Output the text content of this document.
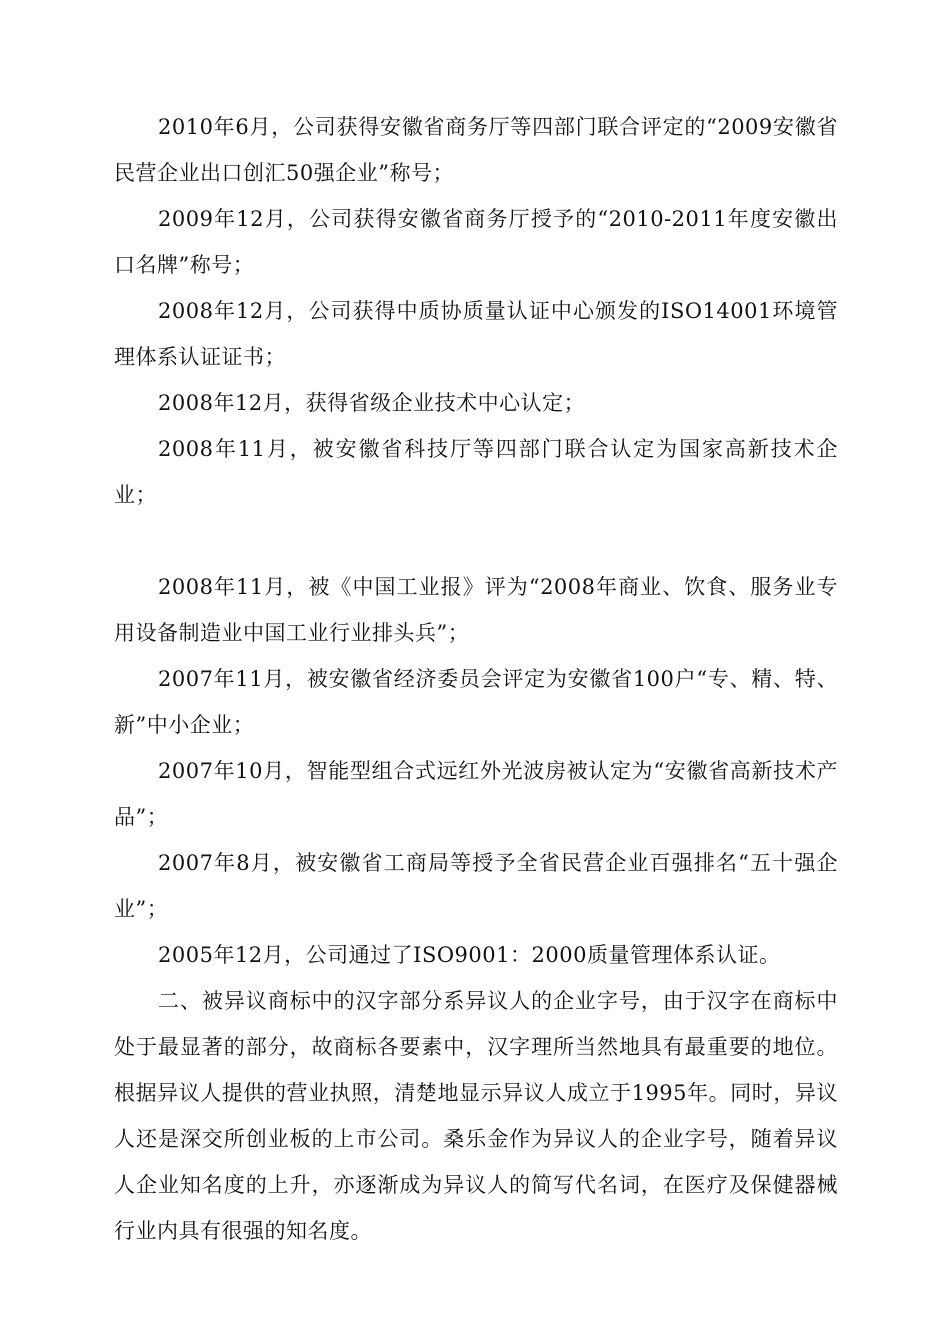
2010年6月，公司获得安徽省商务厅等四部门联合评定的“2009安徽省民营企业出口创汇50强企业”称号；

2009年12月，公司获得安徽省商务厅授予的“2010-2011年度安徽出口名牌”称号；

2008年12月，公司获得中质协质量认证中心颁发的ISO14001环境管理体系认证证书；

2008年12月，获得省级企业技术中心认定；

2008年11月，被安徽省科技厅等四部门联合认定为国家高新技术企业；

2008年11月，被《中国工业报》评为“2008年商业、饮食、服务业专用设备制造业中国工业行业排头兵”；

2007年11月，被安徽省经济委员会评定为安徽省100户“专、精、特、新”中小企业；

2007年10月，智能型组合式远红外光波房被认定为“安徽省高新技术产品”；

2007年8月，被安徽省工商局等授予全省民营企业百强排名“五十强企业”；

2005年12月，公司通过了ISO9001：2000质量管理体系认证。

二、被异议商标中的汉字部分系异议人的企业字号，由于汉字在商标中处于最显著的部分，故商标各要素中，汉字理所当然地具有最重要的地位。根据异议人提供的营业执照，清楚地显示异议人成立于1995年。同时，异议人还是深交所创业板的上市公司。桑乐金作为异议人的企业字号，随着异议人企业知名度的上升，亦逐渐成为异议人的简写代名词，在医疗及保健器械行业内具有很强的知名度。
